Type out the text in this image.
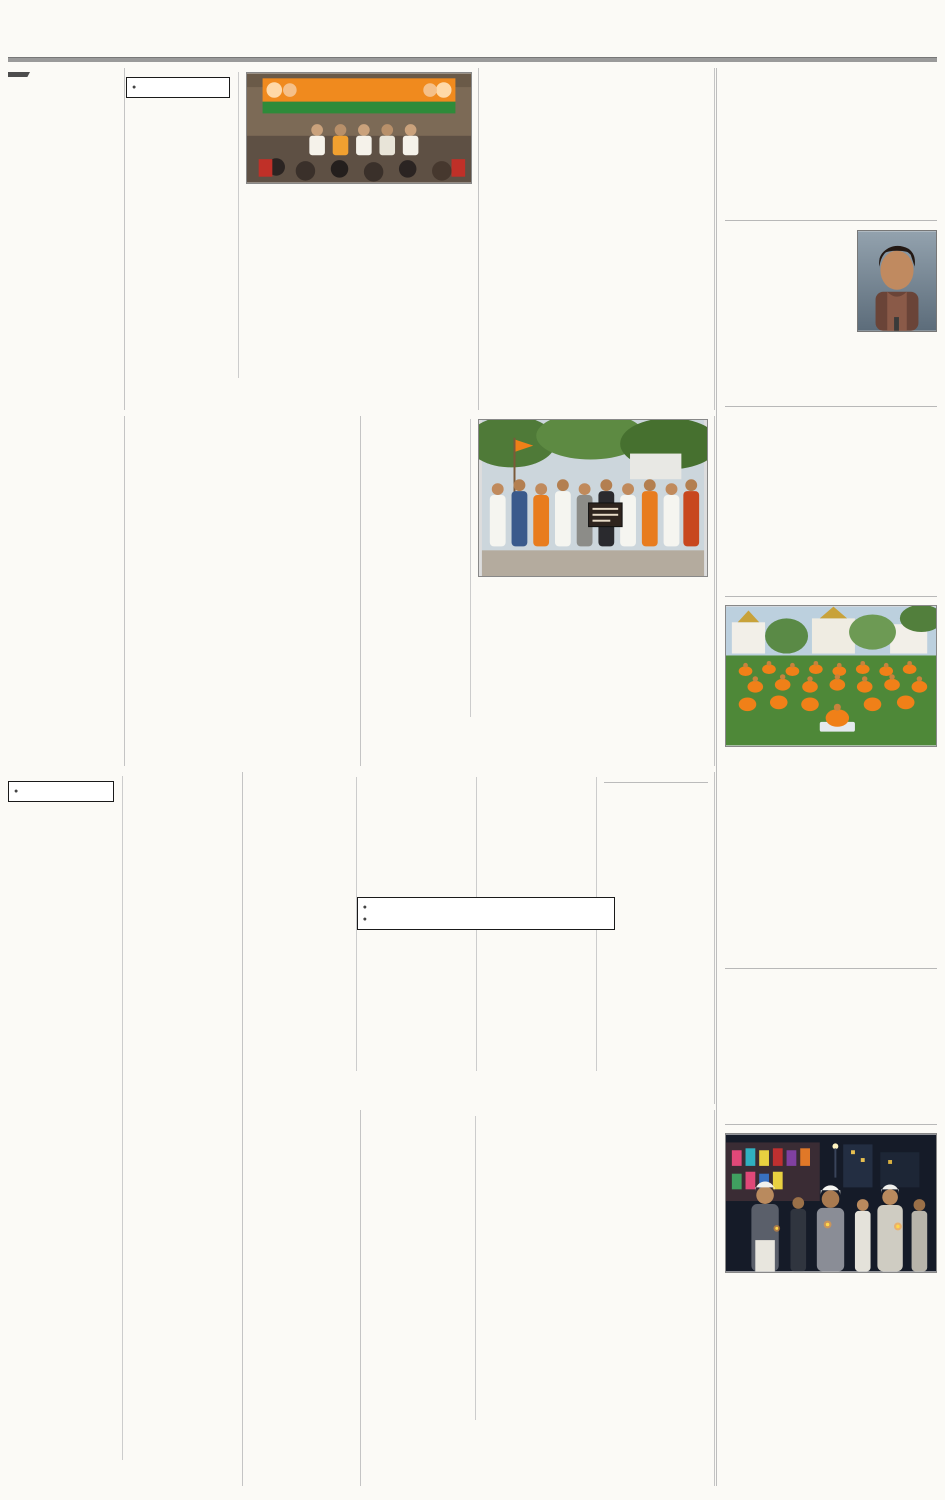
●
●
●
●
